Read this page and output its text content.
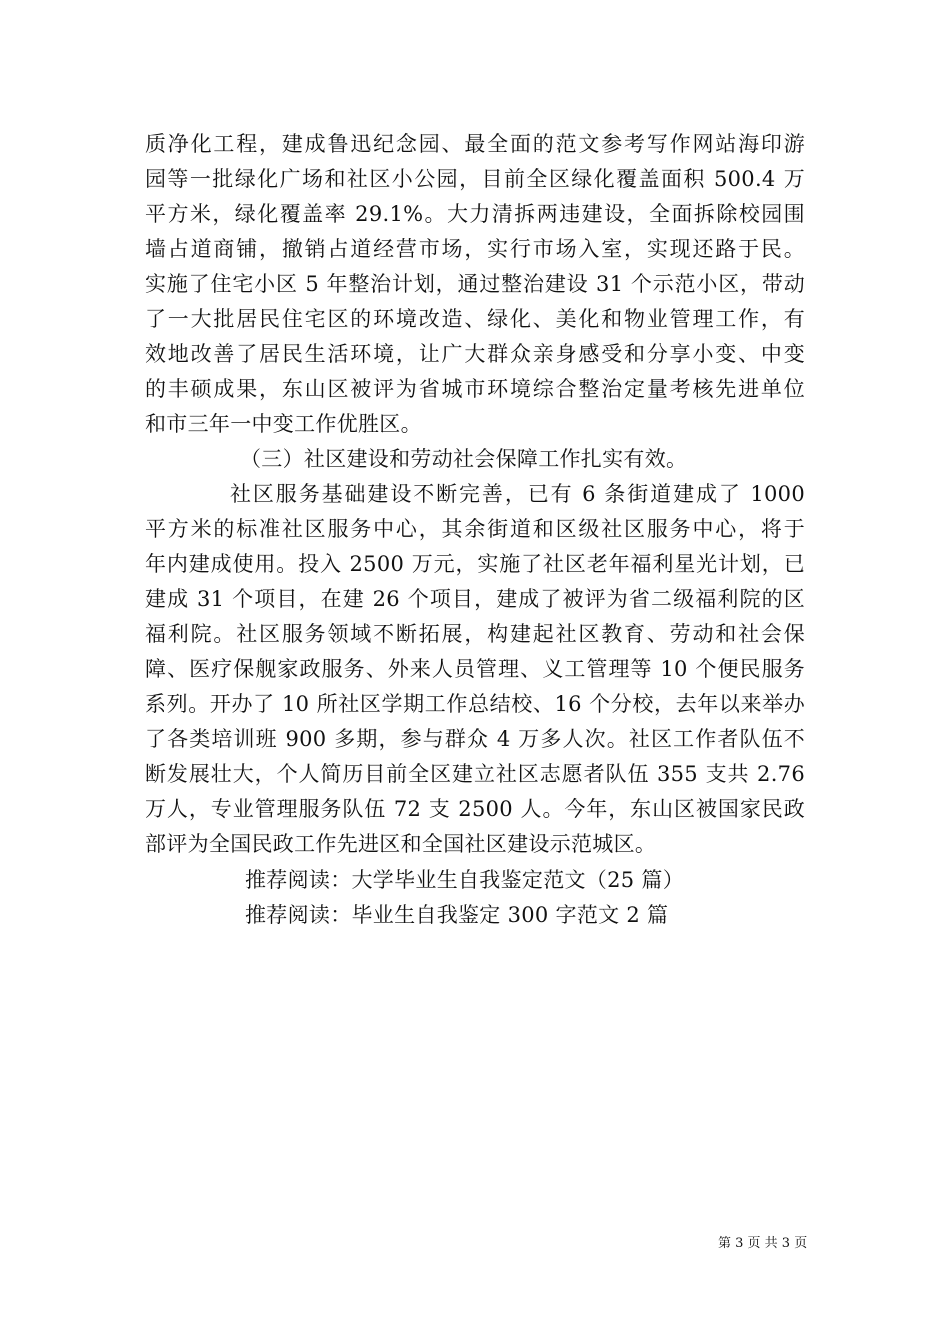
质净化工程，建成鲁迅纪念园、最全面的范文参考写作网站海印游
园等一批绿化广场和社区小公园，目前全区绿化覆盖面积 500.4 万
平方米，绿化覆盖率 29.1%。大力清拆两违建设，全面拆除校园围
墙占道商铺，撤销占道经营市场，实行市场入室，实现还路于民。
实施了住宅小区 5 年整治计划，通过整治建设 31 个示范小区，带动
了一大批居民住宅区的环境改造、绿化、美化和物业管理工作，有
效地改善了居民生活环境，让广大群众亲身感受和分享小变、中变
的丰硕成果，东山区被评为省城市环境综合整治定量考核先进单位
和市三年一中变工作优胜区。
（三）社区建设和劳动社会保障工作扎实有效。
社区服务基础建设不断完善，已有 6 条街道建成了 1000
平方米的标准社区服务中心，其余街道和区级社区服务中心，将于
年内建成使用。投入 2500 万元，实施了社区老年福利星光计划，已
建成 31 个项目，在建 26 个项目，建成了被评为省二级福利院的区
福利院。社区服务领域不断拓展，构建起社区教育、劳动和社会保
障、医疗保舰家政服务、外来人员管理、义工管理等 10 个便民服务
系列。开办了 10 所社区学期工作总结校、16 个分校，去年以来举办
了各类培训班 900 多期，参与群众 4 万多人次。社区工作者队伍不
断发展壮大，个人简历目前全区建立社区志愿者队伍 355 支共 2.76
万人，专业管理服务队伍 72 支 2500 人。今年，东山区被国家民政
部评为全国民政工作先进区和全国社区建设示范城区。
推荐阅读：大学毕业生自我鉴定范文（25 篇）
推荐阅读：毕业生自我鉴定 300 字范文 2 篇
第 3 页 共 3 页
